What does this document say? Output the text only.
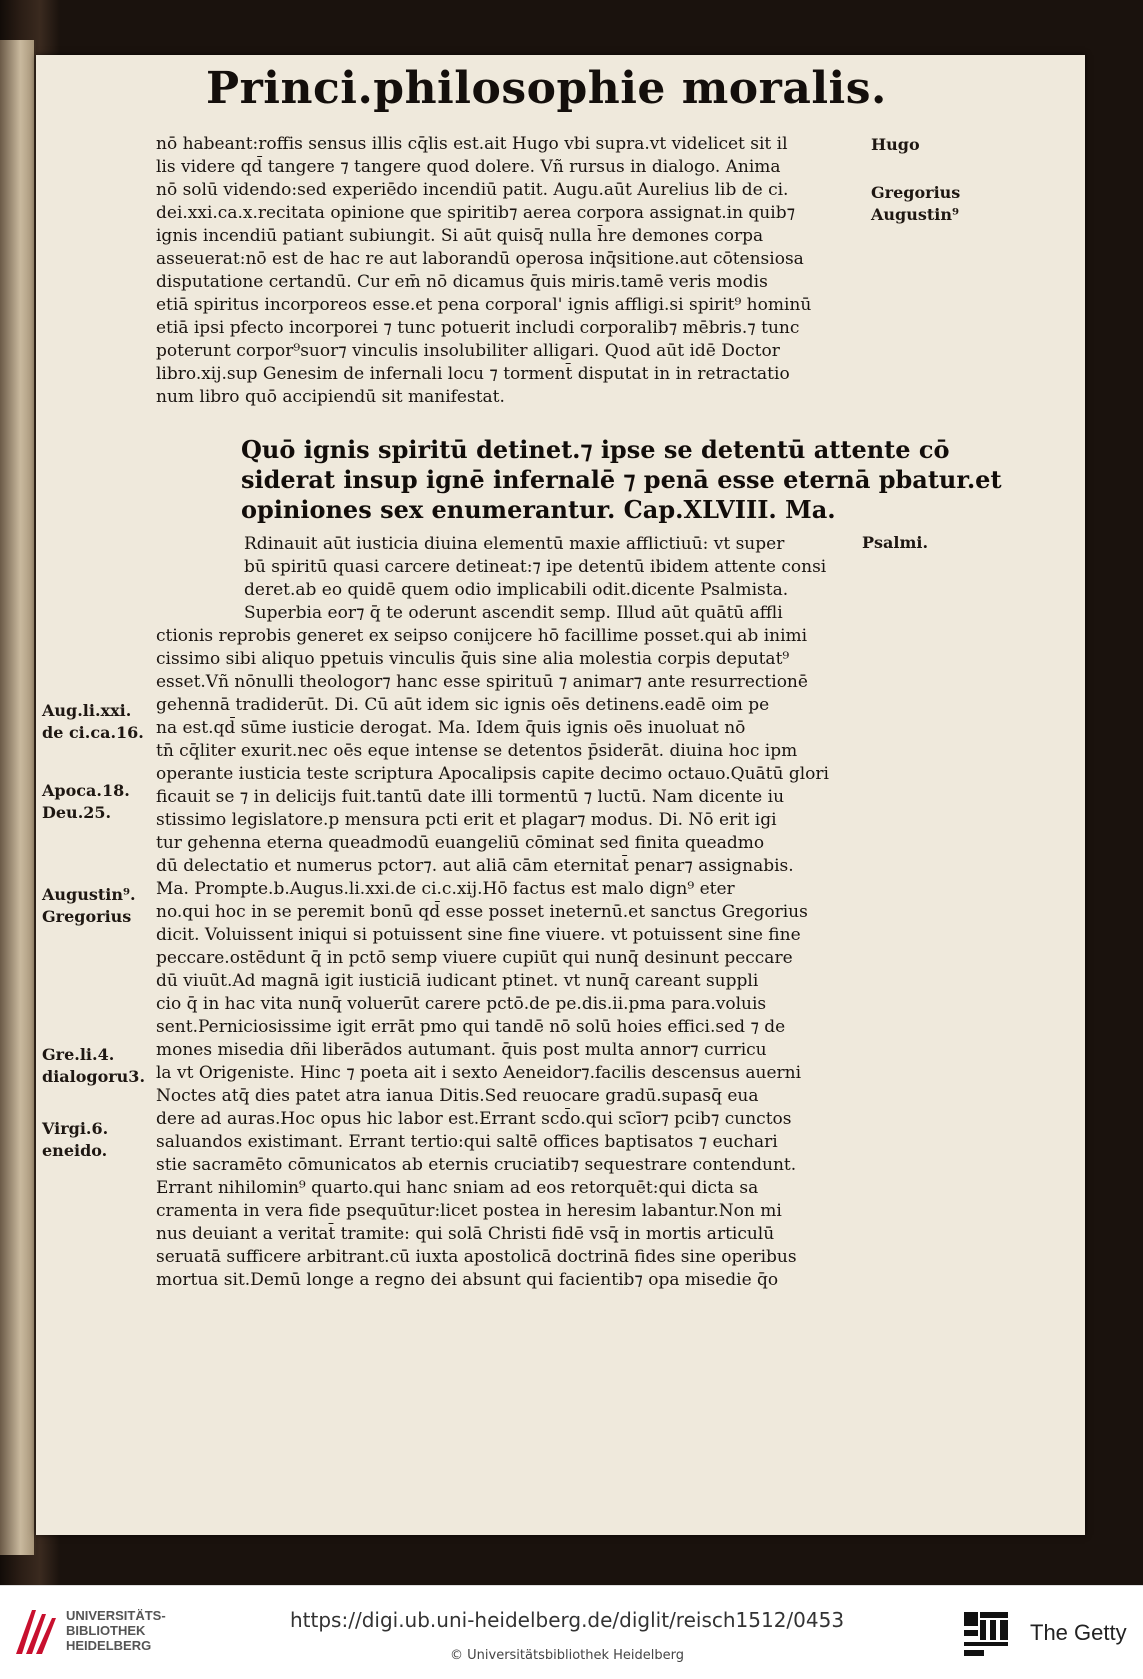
Princi.philosophie moralis.

nō habeant:roffis sensus illis cq̄lis est.ait Hugo vbi supra.vt videlicet sit il

lis videre qd̄ tangere ⁊ tangere quod dolere. Vñ rursus in dialogo. Anima

nō solū videndo:sed experiēdo incendiū patit. Augu.aūt Aurelius lib de ci.

dei.xxi.ca.x.recitata opinione que spiritib⁊ aerea corpora assignat.in quib⁊

ignis incendiū patiant subiungit. Si aūt quisq̄ nulla h̄re demones corpa

asseuerat:nō est de hac re aut laborandū operosa inq̄sitione.aut cōtensiosa

disputatione certandū. Cur em̄ nō dicamus q̄uis miris.tamē veris modis

etiā spiritus incorporeos esse.et pena corporal' ignis affligi.si spirit⁹ hominū

etiā ipsi pfecto incorporei ⁊ tunc potuerit includi corporalib⁊ mēbris.⁊ tunc

poterunt corpor⁹suor⁊ vinculis insolubiliter alligari. Quod aūt idē Doctor

libro.xij.sup Genesim de infernali locu ⁊ torment̄ disputat in in retractatio

num libro quō accipiendū sit manifestat.

Quō ignis spiritū detinet.⁊ ipse se detentū attente cō

siderat insup ignē infernalē ⁊ penā esse eternā pbatur.et

opiniones sex enumerantur. Cap.XLVIII. Ma.

Rdinauit aūt iusticia diuina elementū maxie afflictiuū: vt super

bū spiritū quasi carcere detineat:⁊ ipe detentū ibidem attente consi

deret.ab eo quidē quem odio implicabili odit.dicente Psalmista.

Superbia eor⁊ q̄ te oderunt ascendit semp. Illud aūt quātū affli

ctionis reprobis generet ex seipso conijcere hō facillime posset.qui ab inimi

cissimo sibi aliquo ppetuis vinculis q̄uis sine alia molestia corpis deputat⁹

esset.Vñ nōnulli theologor⁊ hanc esse spirituū ⁊ animar⁊ ante resurrectionē

gehennā tradiderūt. Di. Cū aūt idem sic ignis oēs detinens.eadē oim pe

na est.qd̄ sūme iusticie derogat. Ma. Idem q̄uis ignis oēs inuoluat nō

tn̄ cq̄liter exurit.nec oēs eque intense se detentos p̄siderāt. diuina hoc ipm

operante iusticia teste scriptura Apocalipsis capite decimo octauo.Quātū glori

ficauit se ⁊ in delicijs fuit.tantū date illi tormentū ⁊ luctū. Nam dicente iu

stissimo legislatore.p mensura pcti erit et plagar⁊ modus. Di. Nō erit igi

tur gehenna eterna queadmodū euangeliū cōminat sed finita queadmo

dū delectatio et numerus pctor⁊. aut aliā cām eternitat̄ penar⁊ assignabis.

Ma. Prompte.b.Augus.li.xxi.de ci.c.xij.Hō factus est malo dign⁹ eter

no.qui hoc in se peremit bonū qd̄ esse posset ineternū.et sanctus Gregorius

dicit. Voluissent iniqui si potuissent sine fine viuere. vt potuissent sine fine

peccare.ostēdunt q̄ in pctō semp viuere cupiūt qui nunq̄ desinunt peccare

dū viuūt.Ad magnā igit iusticiā iudicant ptinet. vt nunq̄ careant suppli

cio q̄ in hac vita nunq̄ voluerūt carere pctō.de pe.dis.ii.pma para.voluis

sent.Perniciosissime igit errāt pmo qui tandē nō solū hoies effici.sed ⁊ de

mones misedia dñi liberādos autumant. q̄uis post multa annor⁊ curricu

la vt Origeniste. Hinc ⁊ poeta ait i sexto Aeneidor⁊.facilis descensus auerni

Noctes atq̄ dies patet atra ianua Ditis.Sed reuocare gradū.supasq̄ eua

dere ad auras.Hoc opus hic labor est.Errant scd̄o.qui scīor⁊ pcib⁊ cunctos

saluandos existimant. Errant tertio:qui saltē offices baptisatos ⁊ euchari

stie sacramēto cōmunicatos ab eternis cruciatib⁊ sequestrare contendunt.

Errant nihilomin⁹ quarto.qui hanc sniam ad eos retorquēt:qui dicta sa

cramenta in vera fide psequūtur:licet postea in heresim labantur.Non mi

nus deuiant a veritat̄ tramite: qui solā Christi fidē vsq̄ in mortis articulū

seruatā sufficere arbitrant.cū iuxta apostolicā doctrinā fides sine operibus

mortua sit.Demū longe a regno dei absunt qui facientib⁊ opa misedie q̄o

Hugo
Gregorius
Augustin⁹
Psalmi.
Aug.li.xxi.
de ci.ca.16.
Apoca.18.
Deu.25.
Augustin⁹.
Gregorius
Gre.li.4.
dialogoru3.
Virgi.6.
eneido.
UNIVERSITÄTS-
BIBLIOTHEK
HEIDELBERG
https://digi.ub.uni-heidelberg.de/diglit/reisch1512/0453
© Universitätsbibliothek Heidelberg
The Getty
